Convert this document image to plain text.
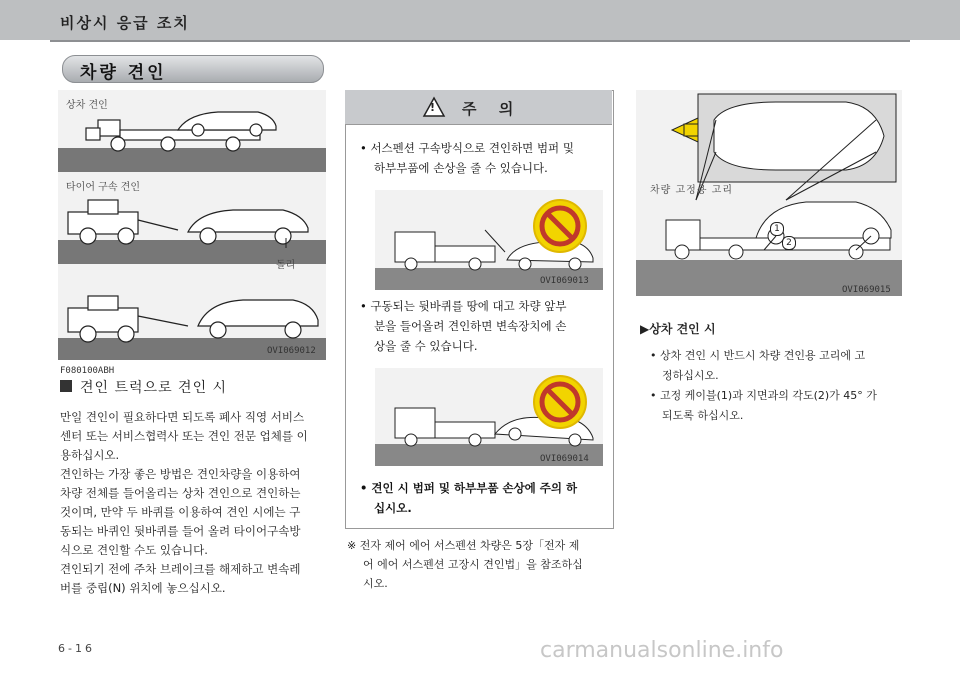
비상시 응급 조치
차량 견인
상차 견인
타이어 구속 견인
돌리
OVI069012
F080100ABH
견인 트럭으로 견인 시
만일 견인이 필요하다면 되도록 폐사 직영 서비스
센터 또는 서비스협력사 또는 견인 전문 업체를 이
용하십시오.
견인하는 가장 좋은 방법은 견인차량을 이용하여
차량 전체를 들어올리는 상차 견인으로 견인하는
것이며, 만약 두 바퀴를 이용하여 견인 시에는 구
동되는 바퀴인 뒷바퀴를 들어 올려 타이어구속방
식으로 견인할 수도 있습니다.
견인되기 전에 주차 브레이크를 해제하고 변속레
버를 중립(N) 위치에 놓으십시오.
! 주  의
• 서스펜션 구속방식으로 견인하면 범퍼 및
하부부품에 손상을 줄 수 있습니다.
OVI069013
• 구동되는 뒷바퀴를 땅에 대고 차량 앞부
분을 들어올려 견인하면 변속장치에 손
상을 줄 수 있습니다.
OVI069014
• 견인 시 범퍼 및 하부부품 손상에 주의 하
십시오.
※ 전자 제어 에어 서스펜션 차량은 5장「전자 제
어 에어 서스펜션 고장시 견인법」을 참조하십
시오.
차량 고정용 고리
1
2
OVI069015
▶상차 견인 시
• 상차 견인 시 반드시 차량 견인용 고리에 고
정하십시오.
• 고정 케이블(1)과 지면과의 각도(2)가 45° 가
되도록 하십시오.
6-16	carmanualsonline.info
